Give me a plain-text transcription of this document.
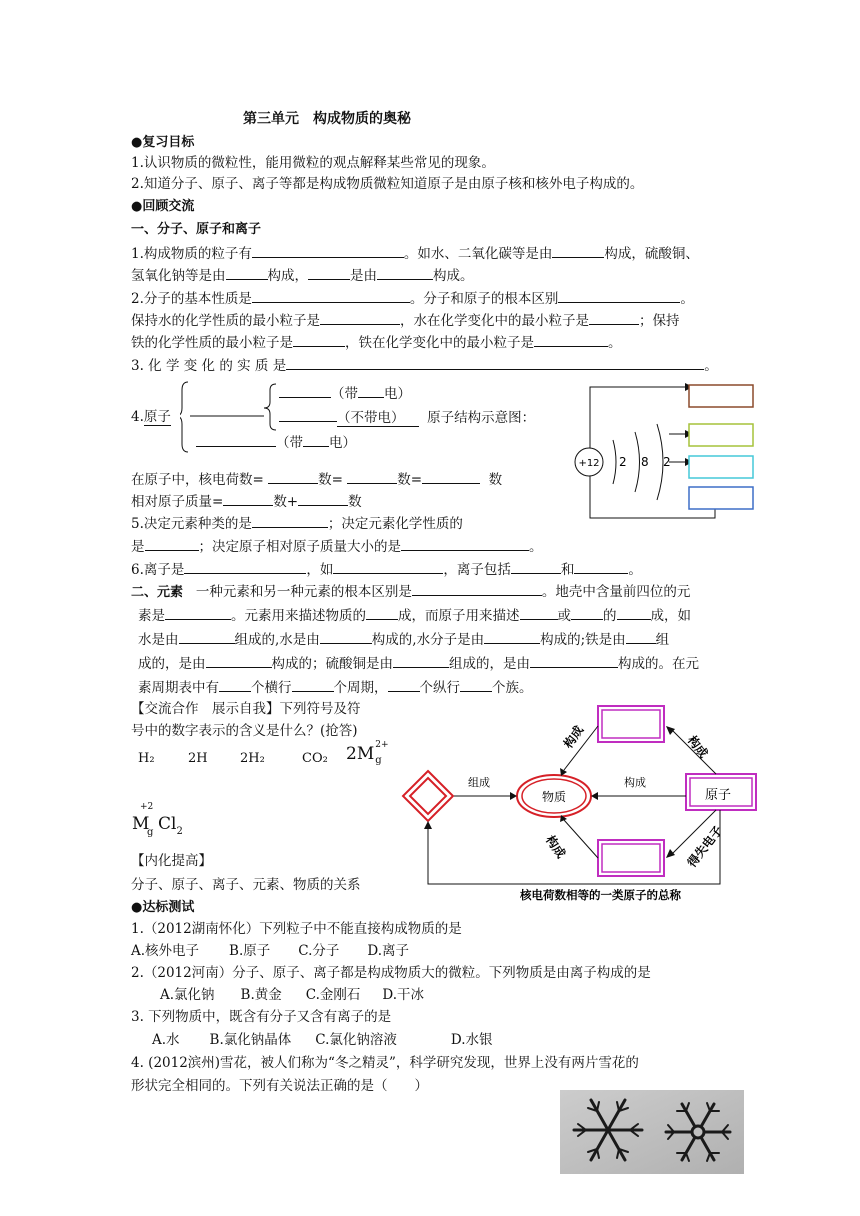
第三单元　构成物质的奥秘
●复习目标
1.认识物质的微粒性，能用微粒的观点解释某些常见的现象。
2.知道分子、原子、离子等都是构成物质微粒知道原子是由原子核和核外电子构成的。
●回顾交流
一、分子、原子和离子
1.构成物质的粒子有	。如水、二氧化碳等是由	构成，硫酸铜、
氢氧化钠等是由	构成，	是由	构成。
2.分子的基本性质是	。分子和原子的根本区别	。
保持水的化学性质的最小粒子是	，水在化学变化中的最小粒子是	；保持
铁的化学性质的最小粒子是	，铁在化学变化中的最小粒子是	。
3. 化 学 变 化 的 实 质 是	。
4.原子
（带 电）
（不带电） 原子结构示意图：
（带 电）
在原子中，核电荷数=	数=	数=	数
相对原子质量=	数+	数
+12 2 8 2
5.决定元素种类的是	；决定元素化学性质的
是	；决定原子相对原子质量大小的是	。
6.离子是	，如	，离子包括	和	。
二、元素 一种元素和另一种元素的根本区别是	。地壳中含量前四位的元
素是	。元素用来描述物质的 成，而原子用来描述	或 的	成，如
水是由	组成的,水是由	构成的,水分子是由	构成的;铁是由 组
成的，是由	构成的；硫酸铜是由	组成的，是由	构成的。在元
素周期表中有 个横行	个周期， 个纵行 个族。
【交流合作　展示自我】下列符号及符
号中的数字表示的含义是什么？(抢答)
H₂	2H 2H₂	CO₂ 2M 2+
g
+2
M
g $Cl_2$
【内化提高】
分子、原子、离子、元素、物质的关系
物质	原子
组成	构成
构成
构成
构成
得失电子
核电荷数相等的一类原子的总称
●达标测试
1.（2012湖南怀化）下列粒子中不能直接构成物质的是
A.核外电子 B.原子 C.分子 D.离子
2.（2012河南）分子、原子、离子都是构成物质大的微粒。下列物质是由离子构成的是
A.氯化钠 B.黄金 C.金刚石 D.干冰
3. 下列物质中，既含有分子又含有离子的是
A.水 B.氯化钠晶体 C.氯化钠溶液	D.水银
4. (2012滨州)雪花，被人们称为“冬之精灵”，科学研究发现，世界上没有两片雪花的
形状完全相同的。下列有关说法正确的是（　　）
